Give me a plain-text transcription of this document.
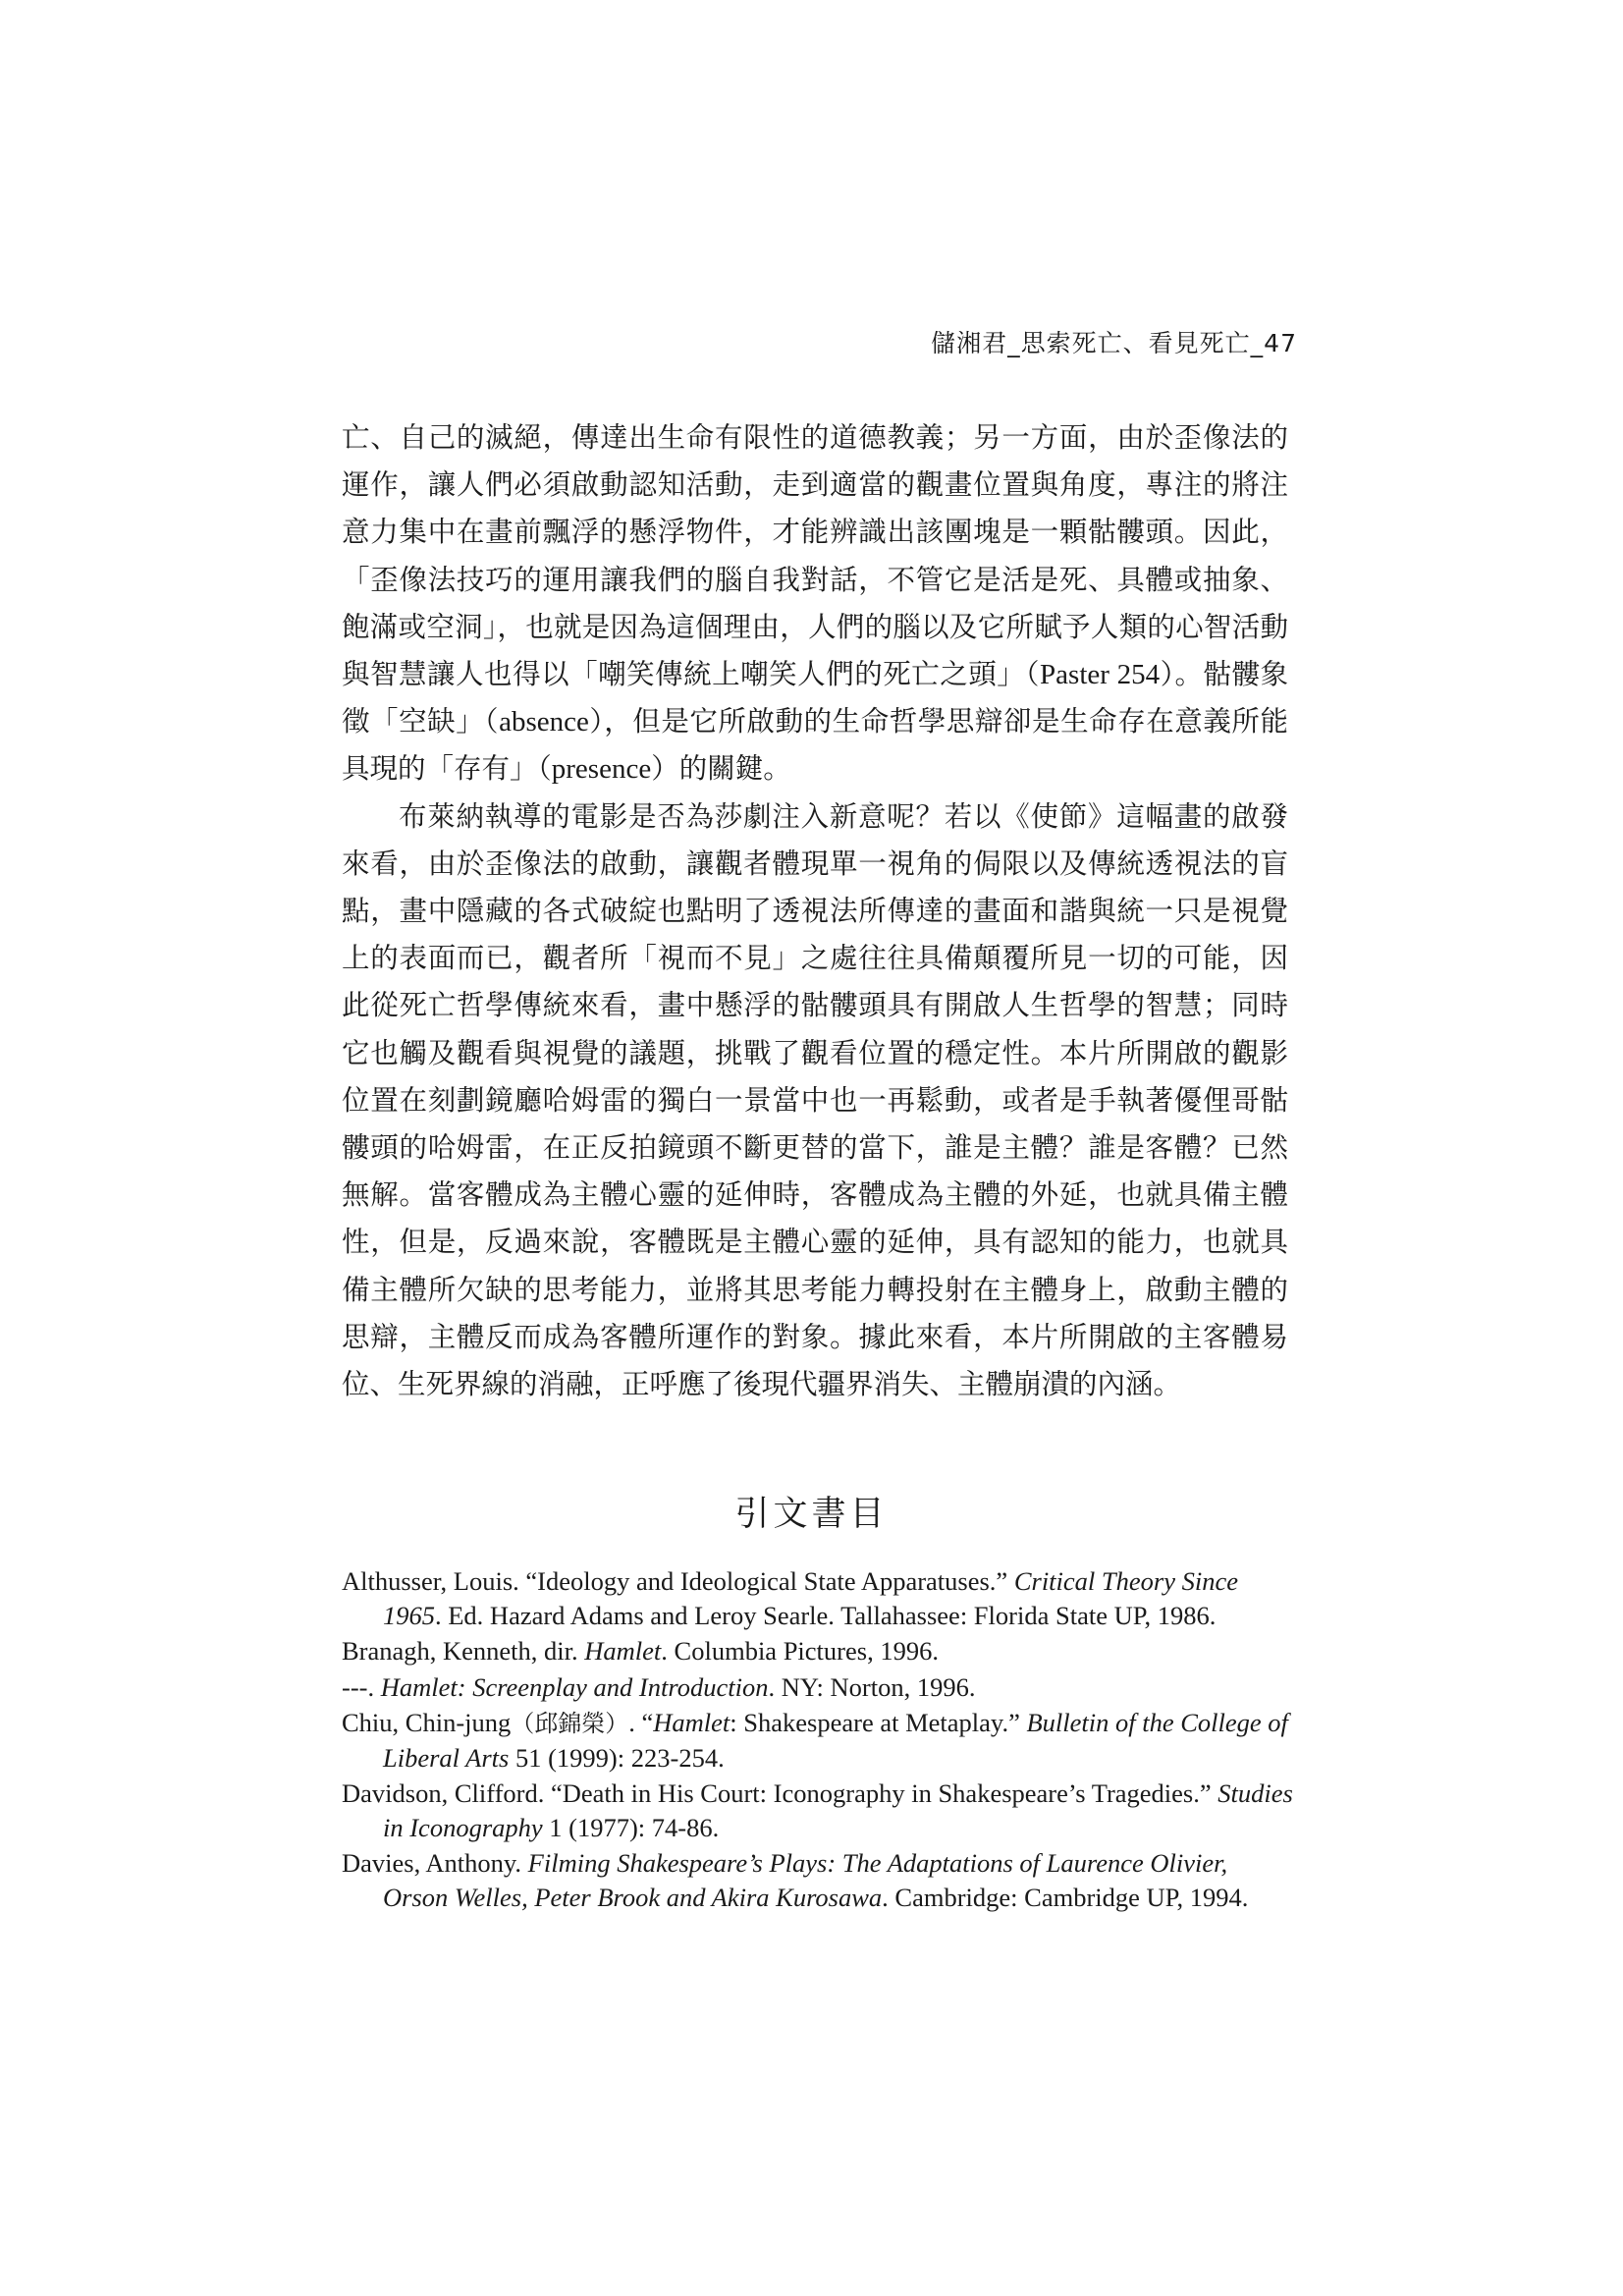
儲湘君_思索死亡、看見死亡_47

亡、自己的滅絕，傳達出生命有限性的道德教義；另一方面，由於歪像法的運作，讓人們必須啟動認知活動，走到適當的觀畫位置與角度，專注的將注意力集中在畫前飄浮的懸浮物件，才能辨識出該團塊是一顆骷髏頭。因此，「歪像法技巧的運用讓我們的腦自我對話，不管它是活是死、具體或抽象、飽滿或空洞」，也就是因為這個理由，人們的腦以及它所賦予人類的心智活動與智慧讓人也得以「嘲笑傳統上嘲笑人們的死亡之頭」（Paster 254）。骷髏象徵「空缺」（absence），但是它所啟動的生命哲學思辯卻是生命存在意義所能具現的「存有」（presence）的關鍵。

布萊納執導的電影是否為莎劇注入新意呢？若以《使節》這幅畫的啟發來看，由於歪像法的啟動，讓觀者體現單一視角的侷限以及傳統透視法的盲點，畫中隱藏的各式破綻也點明了透視法所傳達的畫面和諧與統一只是視覺上的表面而已，觀者所「視而不見」之處往往具備顛覆所見一切的可能，因此從死亡哲學傳統來看，畫中懸浮的骷髏頭具有開啟人生哲學的智慧；同時它也觸及觀看與視覺的議題，挑戰了觀看位置的穩定性。本片所開啟的觀影位置在刻劃鏡廳哈姆雷的獨白一景當中也一再鬆動，或者是手執著優俚哥骷髏頭的哈姆雷，在正反拍鏡頭不斷更替的當下，誰是主體？誰是客體？已然無解。當客體成為主體心靈的延伸時，客體成為主體的外延，也就具備主體性，但是，反過來說，客體既是主體心靈的延伸，具有認知的能力，也就具備主體所欠缺的思考能力，並將其思考能力轉投射在主體身上，啟動主體的思辯，主體反而成為客體所運作的對象。據此來看，本片所開啟的主客體易位、生死界線的消融，正呼應了後現代疆界消失、主體崩潰的內涵。

引文書目
Althusser, Louis. “Ideology and Ideological State Apparatuses.” Critical Theory Since 1965. Ed. Hazard Adams and Leroy Searle. Tallahassee: Florida State UP, 1986.
Branagh, Kenneth, dir. Hamlet. Columbia Pictures, 1996.
---. Hamlet: Screenplay and Introduction. NY: Norton, 1996.
Chiu, Chin-jung（邱錦榮）. “Hamlet: Shakespeare at Metaplay.” Bulletin of the College of Liberal Arts 51 (1999): 223-254.
Davidson, Clifford. “Death in His Court: Iconography in Shakespeare’s Tragedies.” Studies in Iconography 1 (1977): 74-86.
Davies, Anthony. Filming Shakespeare’s Plays: The Adaptations of Laurence Olivier, Orson Welles, Peter Brook and Akira Kurosawa. Cambridge: Cambridge UP, 1994.
